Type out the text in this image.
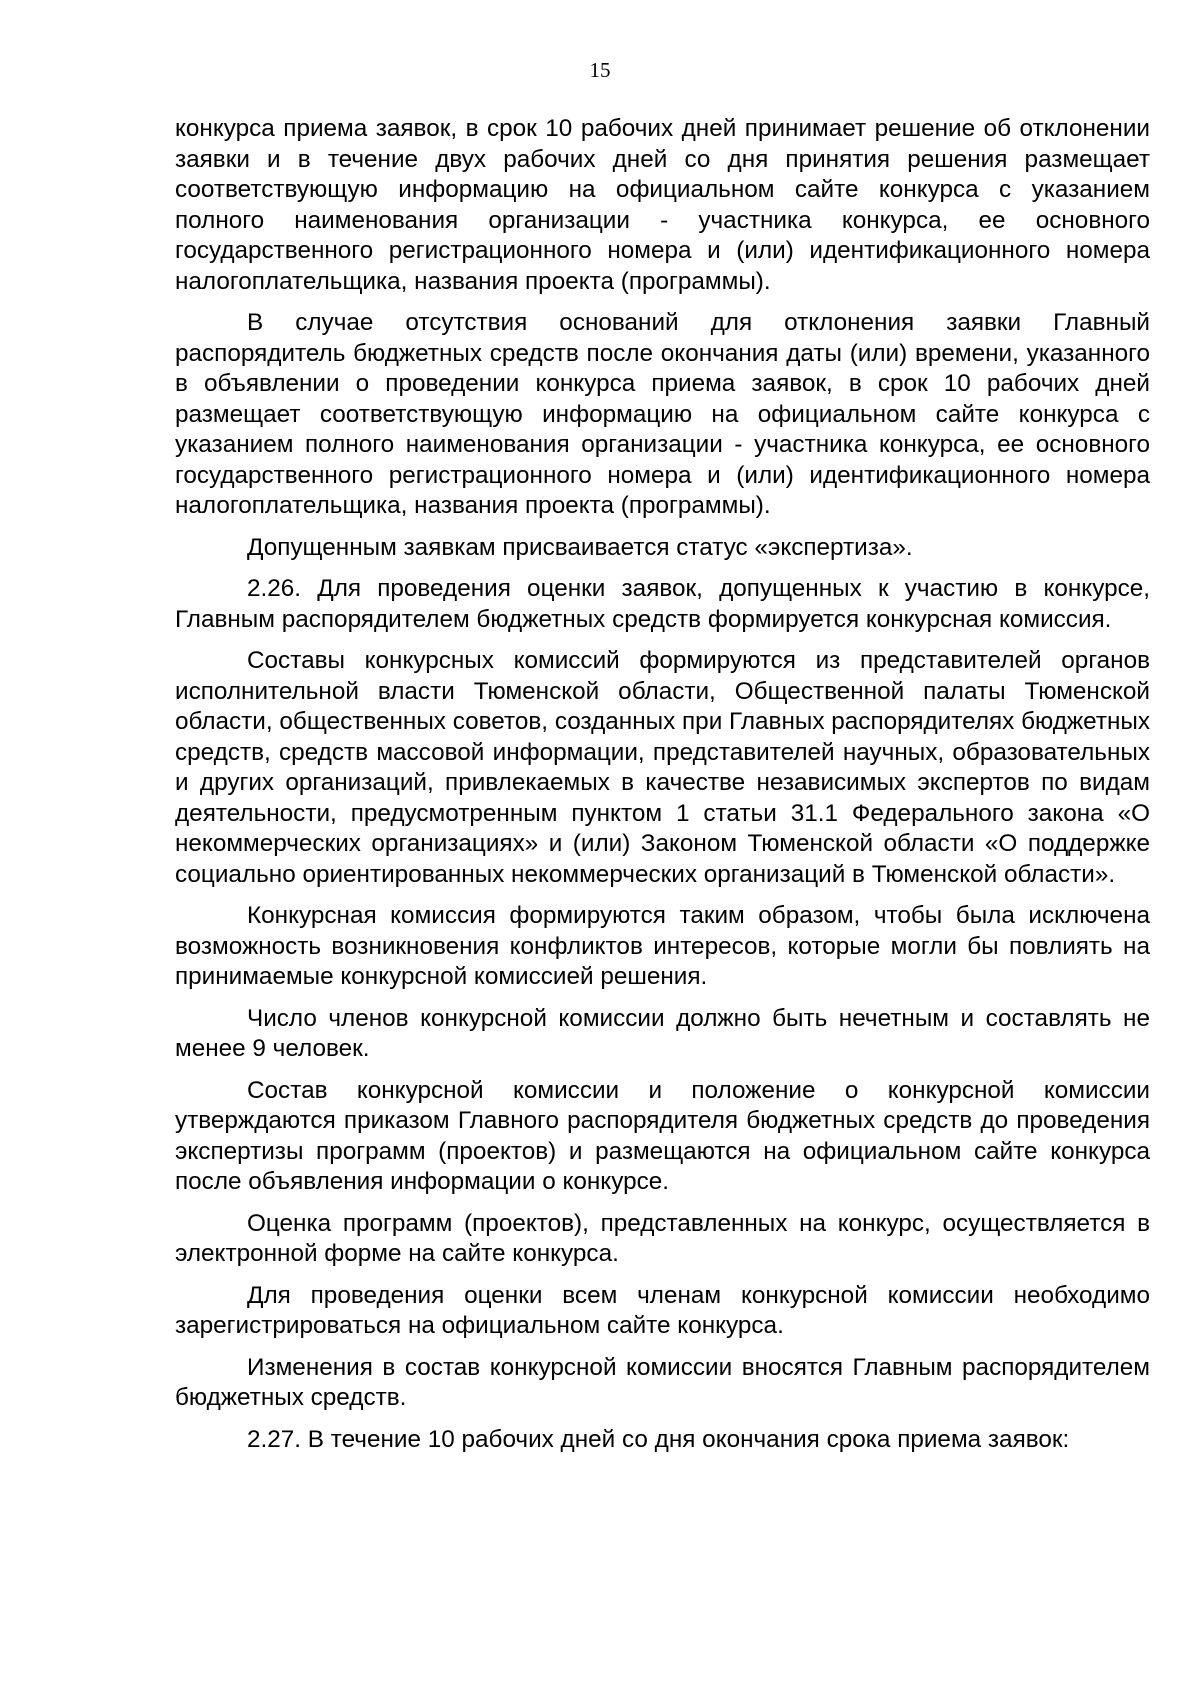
15

конкурса приема заявок, в срок 10 рабочих дней принимает решение об отклонении заявки и в течение двух рабочих дней со дня принятия решения размещает соответствующую информацию на официальном сайте конкурса с указанием полного наименования организации - участника конкурса, ее основного государственного регистрационного номера и (или) идентификационного номера налогоплательщика, названия проекта (программы).

В случае отсутствия оснований для отклонения заявки Главный распорядитель бюджетных средств после окончания даты (или) времени, указанного в объявлении о проведении конкурса приема заявок, в срок 10 рабочих дней размещает соответствующую информацию на официальном сайте конкурса с указанием полного наименования организации - участника конкурса, ее основного государственного регистрационного номера и (или) идентификационного номера налогоплательщика, названия проекта (программы).

Допущенным заявкам присваивается статус «экспертиза».

2.26. Для проведения оценки заявок, допущенных к участию в конкурсе, Главным распорядителем бюджетных средств формируется конкурсная комиссия.

Составы конкурсных комиссий формируются из представителей органов исполнительной власти Тюменской области, Общественной палаты Тюменской области, общественных советов, созданных при Главных распорядителях бюджетных средств, средств массовой информации, представителей научных, образовательных и других организаций, привлекаемых в качестве независимых экспертов по видам деятельности, предусмотренным пунктом 1 статьи 31.1 Федерального закона «О некоммерческих организациях» и (или) Законом Тюменской области «О поддержке социально ориентированных некоммерческих организаций в Тюменской области».

Конкурсная комиссия формируются таким образом, чтобы была исключена возможность возникновения конфликтов интересов, которые могли бы повлиять на принимаемые конкурсной комиссией решения.

Число членов конкурсной комиссии должно быть нечетным и составлять не менее 9 человек.

Состав конкурсной комиссии и положение о конкурсной комиссии утверждаются приказом Главного распорядителя бюджетных средств до проведения экспертизы программ (проектов) и размещаются на официальном сайте конкурса после объявления информации о конкурсе.

Оценка программ (проектов), представленных на конкурс, осуществляется в электронной форме на сайте конкурса.

Для проведения оценки всем членам конкурсной комиссии необходимо зарегистрироваться на официальном сайте конкурса.

Изменения в состав конкурсной комиссии вносятся Главным распорядителем бюджетных средств.

2.27. В течение 10 рабочих дней со дня окончания срока приема заявок:
